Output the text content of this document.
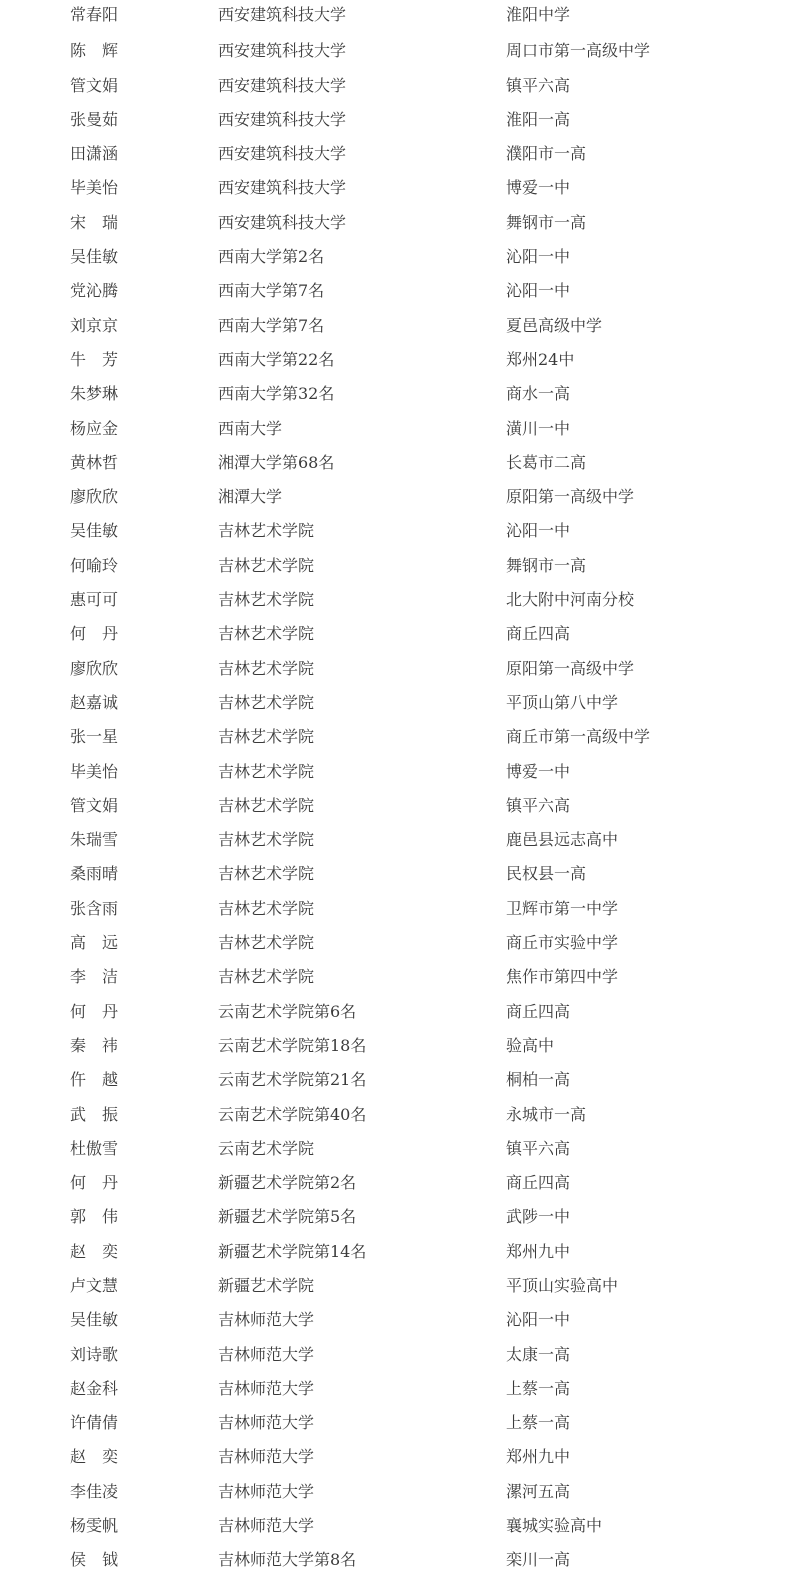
常春阳	西安建筑科技大学	淮阳中学
陈　辉	西安建筑科技大学	周口市第一高级中学
管文娟	西安建筑科技大学	镇平六高
张曼茹	西安建筑科技大学	淮阳一高
田潇涵	西安建筑科技大学	濮阳市一高
毕美怡	西安建筑科技大学	博爱一中
宋　瑞	西安建筑科技大学	舞钢市一高
吴佳敏	西南大学第2名	沁阳一中
党沁腾	西南大学第7名	沁阳一中
刘京京	西南大学第7名	夏邑高级中学
牛　芳	西南大学第22名	郑州24中
朱梦琳	西南大学第32名	商水一高
杨应金	西南大学	潢川一中
黄林哲	湘潭大学第68名	长葛市二高
廖欣欣	湘潭大学	原阳第一高级中学
吴佳敏	吉林艺术学院	沁阳一中
何喻玲	吉林艺术学院	舞钢市一高
惠可可	吉林艺术学院	北大附中河南分校
何　丹	吉林艺术学院	商丘四高
廖欣欣	吉林艺术学院	原阳第一高级中学
赵嘉诚	吉林艺术学院	平顶山第八中学
张一星	吉林艺术学院	商丘市第一高级中学
毕美怡	吉林艺术学院	博爱一中
管文娟	吉林艺术学院	镇平六高
朱瑞雪	吉林艺术学院	鹿邑县远志高中
桑雨晴	吉林艺术学院	民权县一高
张含雨	吉林艺术学院	卫辉市第一中学
高　远	吉林艺术学院	商丘市实验中学
李　洁	吉林艺术学院	焦作市第四中学
何　丹	云南艺术学院第6名	商丘四高
秦　祎	云南艺术学院第18名	验高中
仵　越	云南艺术学院第21名	桐柏一高
武　振	云南艺术学院第40名	永城市一高
杜傲雪	云南艺术学院	镇平六高
何　丹	新疆艺术学院第2名	商丘四高
郭　伟	新疆艺术学院第5名	武陟一中
赵　奕	新疆艺术学院第14名	郑州九中
卢文慧	新疆艺术学院	平顶山实验高中
吴佳敏	吉林师范大学	沁阳一中
刘诗歌	吉林师范大学	太康一高
赵金科	吉林师范大学	上蔡一高
许倩倩	吉林师范大学	上蔡一高
赵　奕	吉林师范大学	郑州九中
李佳凌	吉林师范大学	漯河五高
杨雯帆	吉林师范大学	襄城实验高中
侯　钺	吉林师范大学第8名	栾川一高
